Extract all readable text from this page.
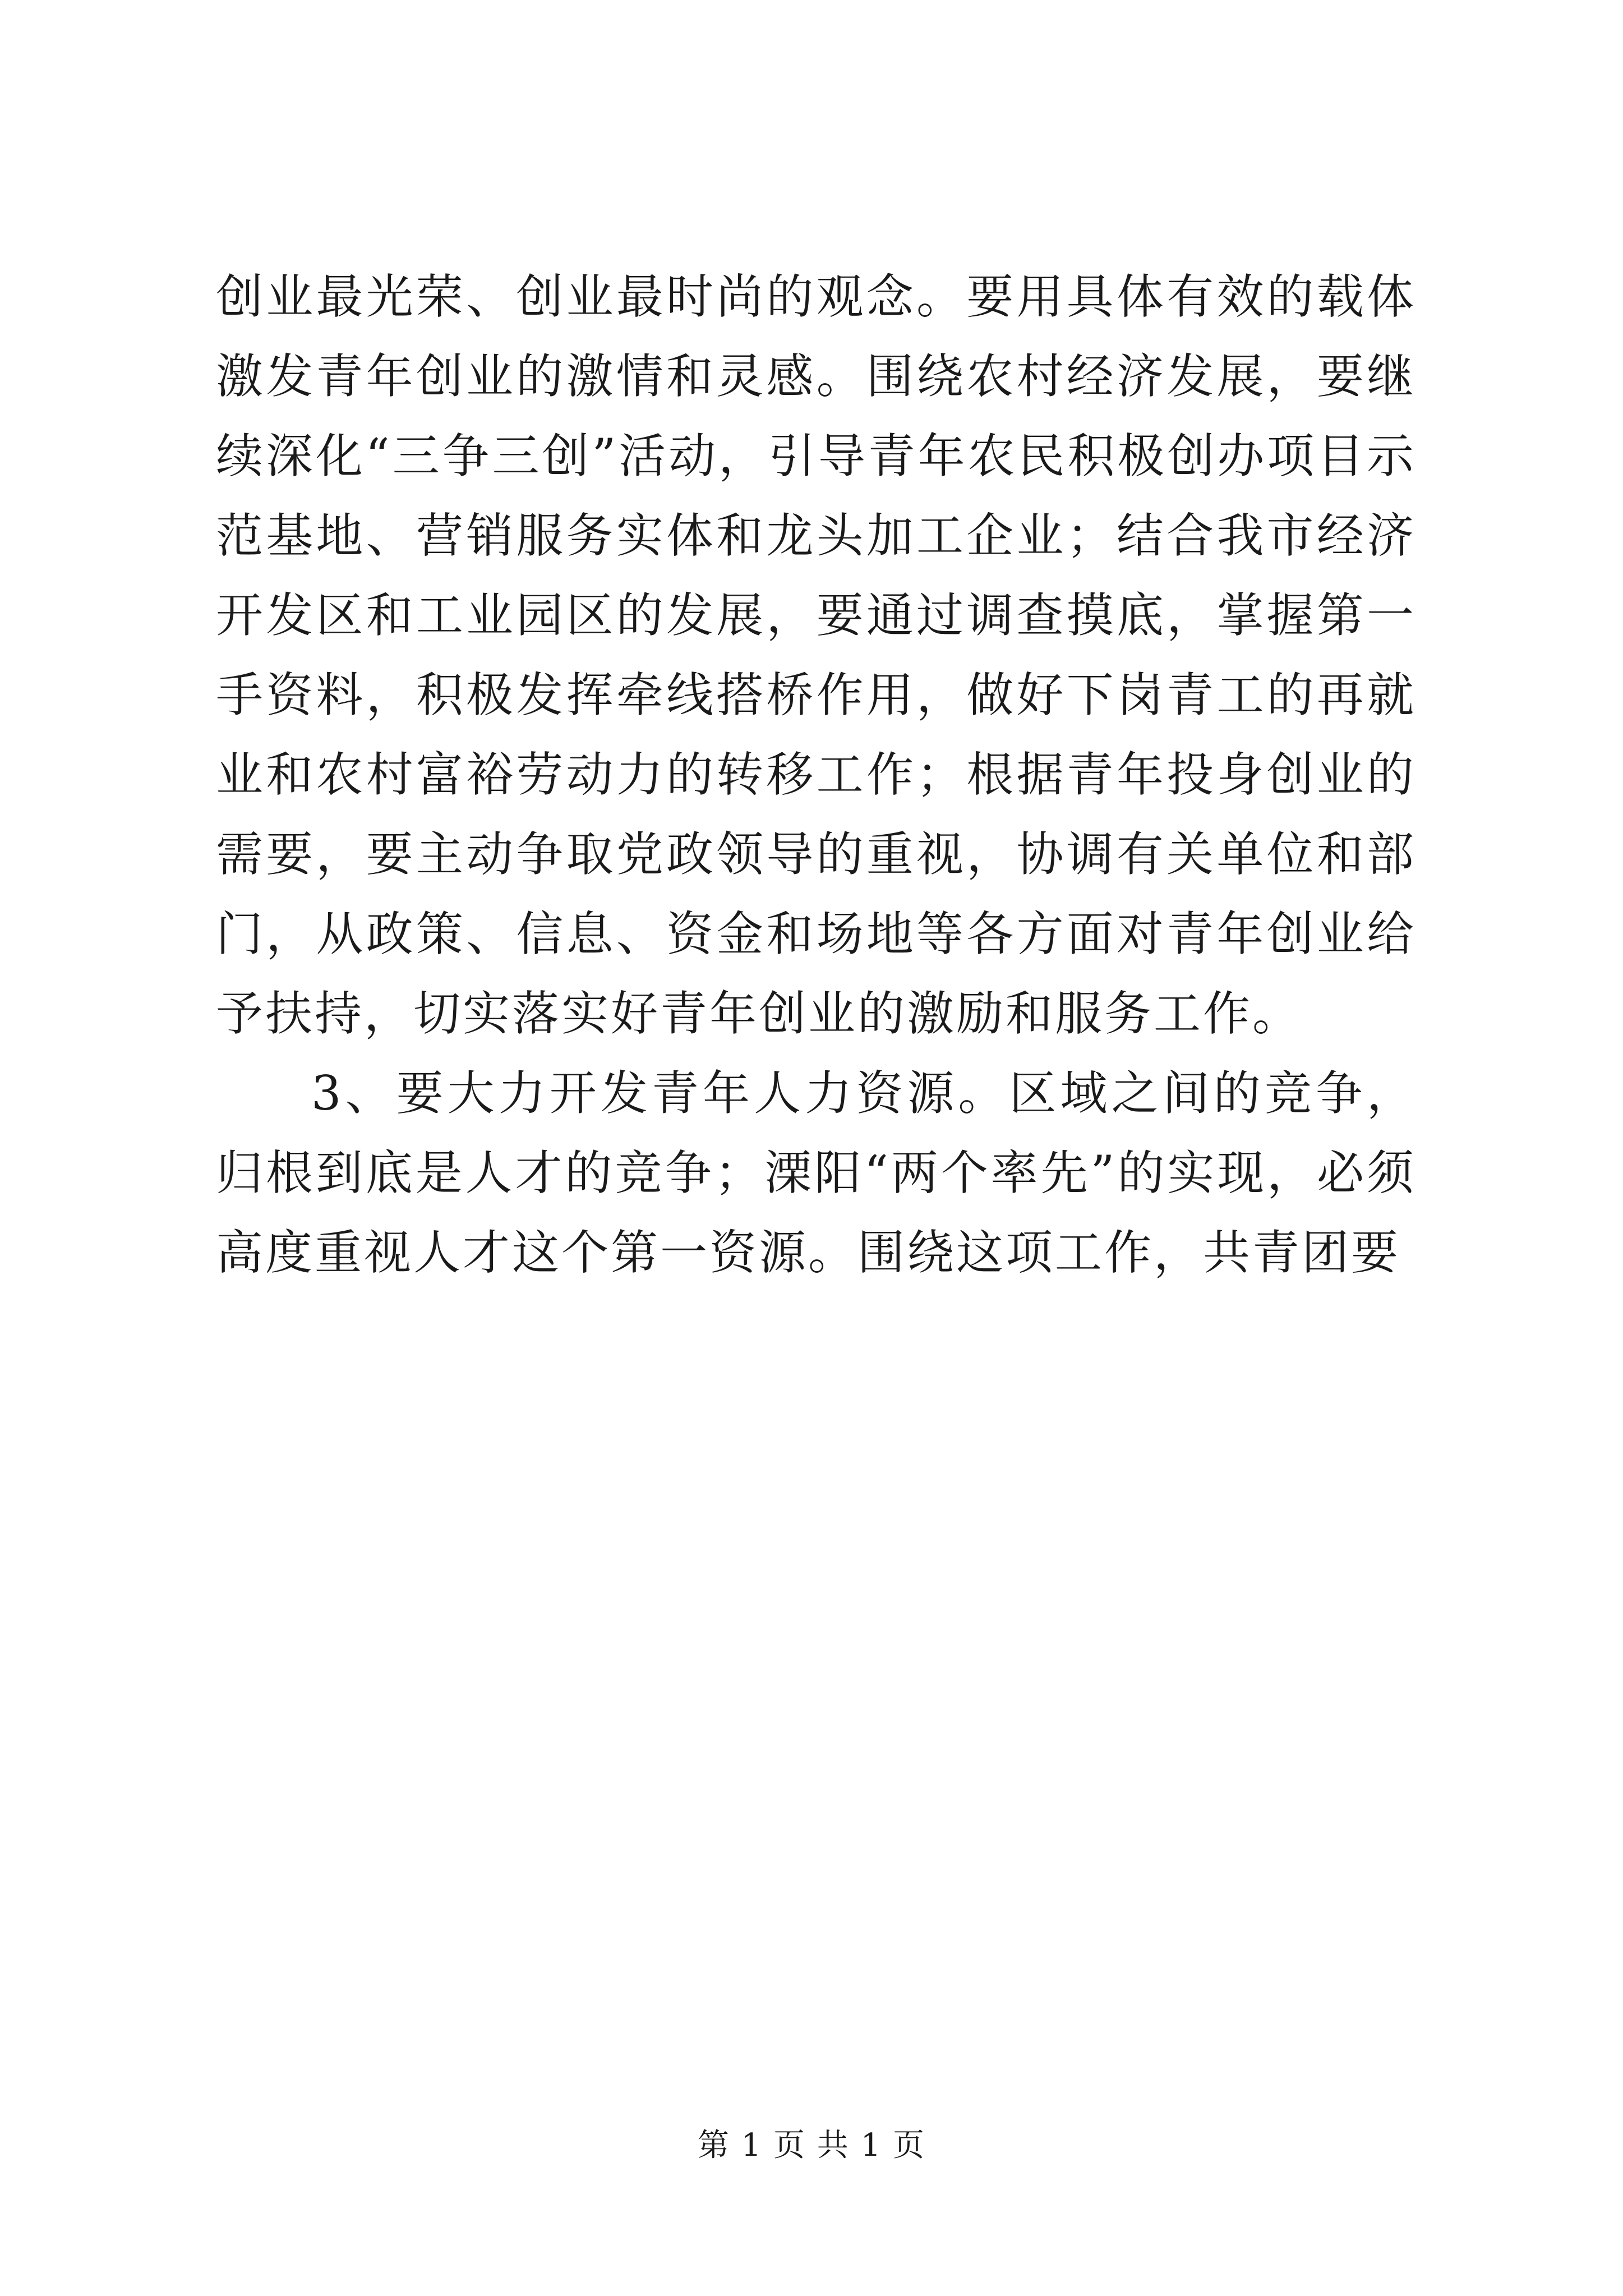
创业最光荣、创业最时尚的观念。要用具体有效的载体激发青年创业的激情和灵感。围绕农村经济发展，要继续深化“三争三创”活动，引导青年农民积极创办项目示范基地、营销服务实体和龙头加工企业；结合我市经济开发区和工业园区的发展，要通过调查摸底，掌握第一手资料，积极发挥牵线搭桥作用，做好下岗青工的再就业和农村富裕劳动力的转移工作；根据青年投身创业的需要，要主动争取党政领导的重视，协调有关单位和部门，从政策、信息、资金和场地等各方面对青年创业给予扶持，切实落实好青年创业的激励和服务工作。

3、要大力开发青年人力资源。区域之间的竞争，归根到底是人才的竞争；溧阳“两个率先”的实现，必须高度重视人才这个第一资源。围绕这项工作，共青团要

第 1 页 共 1 页
